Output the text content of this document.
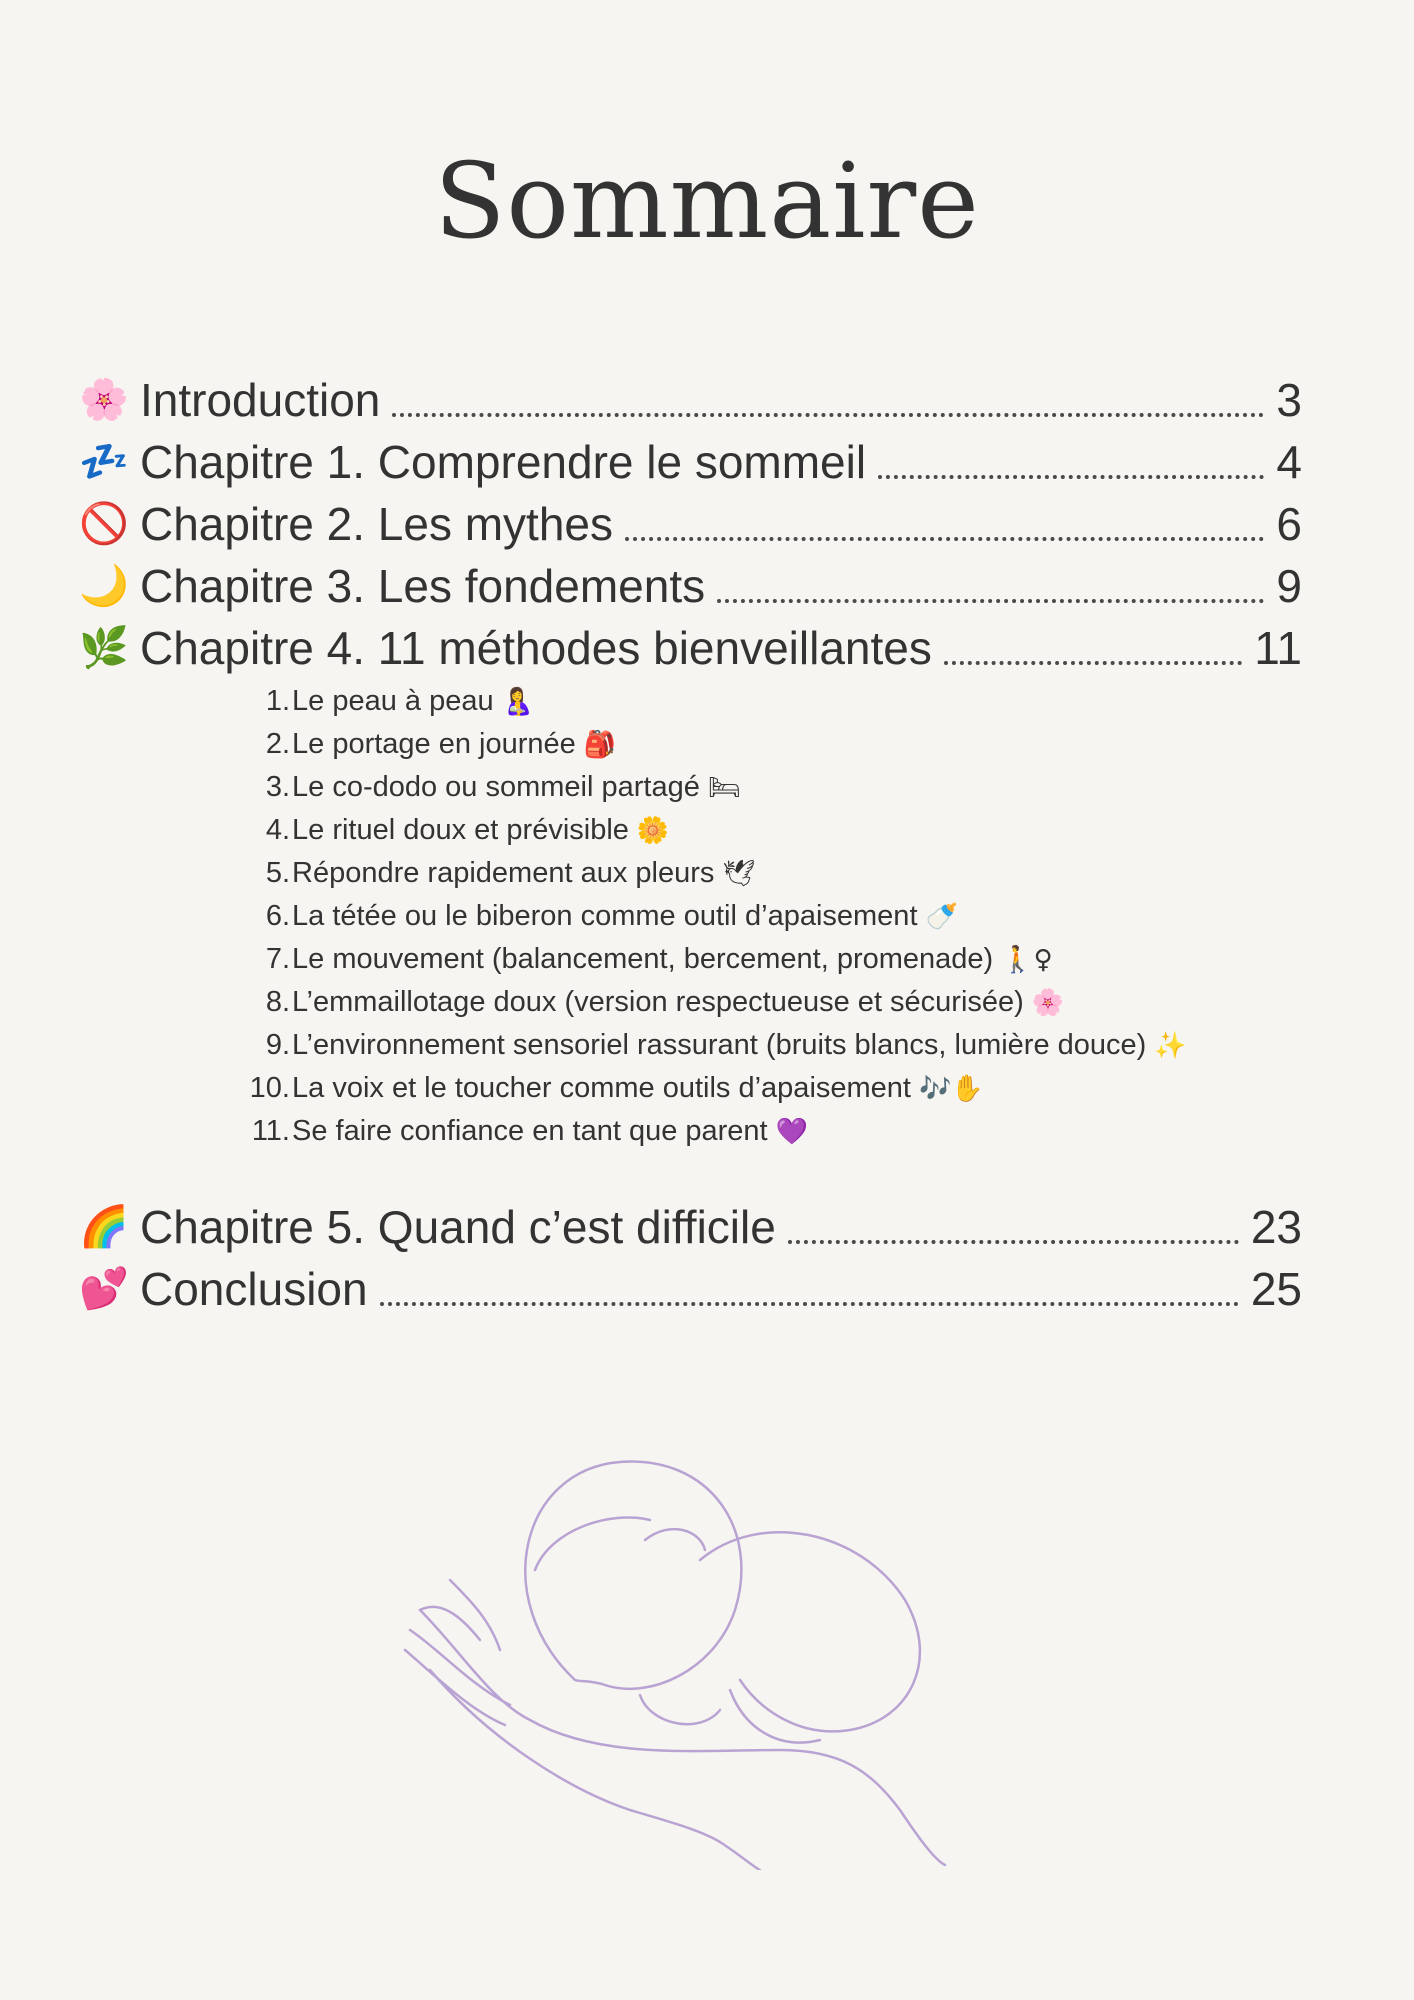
Sommaire
🌸 Introduction	3
💤 Chapitre 1. Comprendre le sommeil	4
🚫 Chapitre 2. Les mythes	6
🌙 Chapitre 3. Les fondements	9
🌿 Chapitre 4. 11 méthodes bienveillantes	11
1. Le peau à peau 🤱
2. Le portage en journée 🎒
3. Le co-dodo ou sommeil partagé 🛏
4. Le rituel doux et prévisible 🌼
5. Répondre rapidement aux pleurs 🕊
6. La tétée ou le biberon comme outil d’apaisement 🍼
7. Le mouvement (balancement, bercement, promenade) 🚶♀
8. L’emmaillotage doux (version respectueuse et sécurisée) 🌸
9. L’environnement sensoriel rassurant (bruits blancs, lumière douce) ✨
10. La voix et le toucher comme outils d’apaisement 🎶✋
11. Se faire confiance en tant que parent 💜
🌈 Chapitre 5. Quand c’est difficile	23
💕 Conclusion	25
